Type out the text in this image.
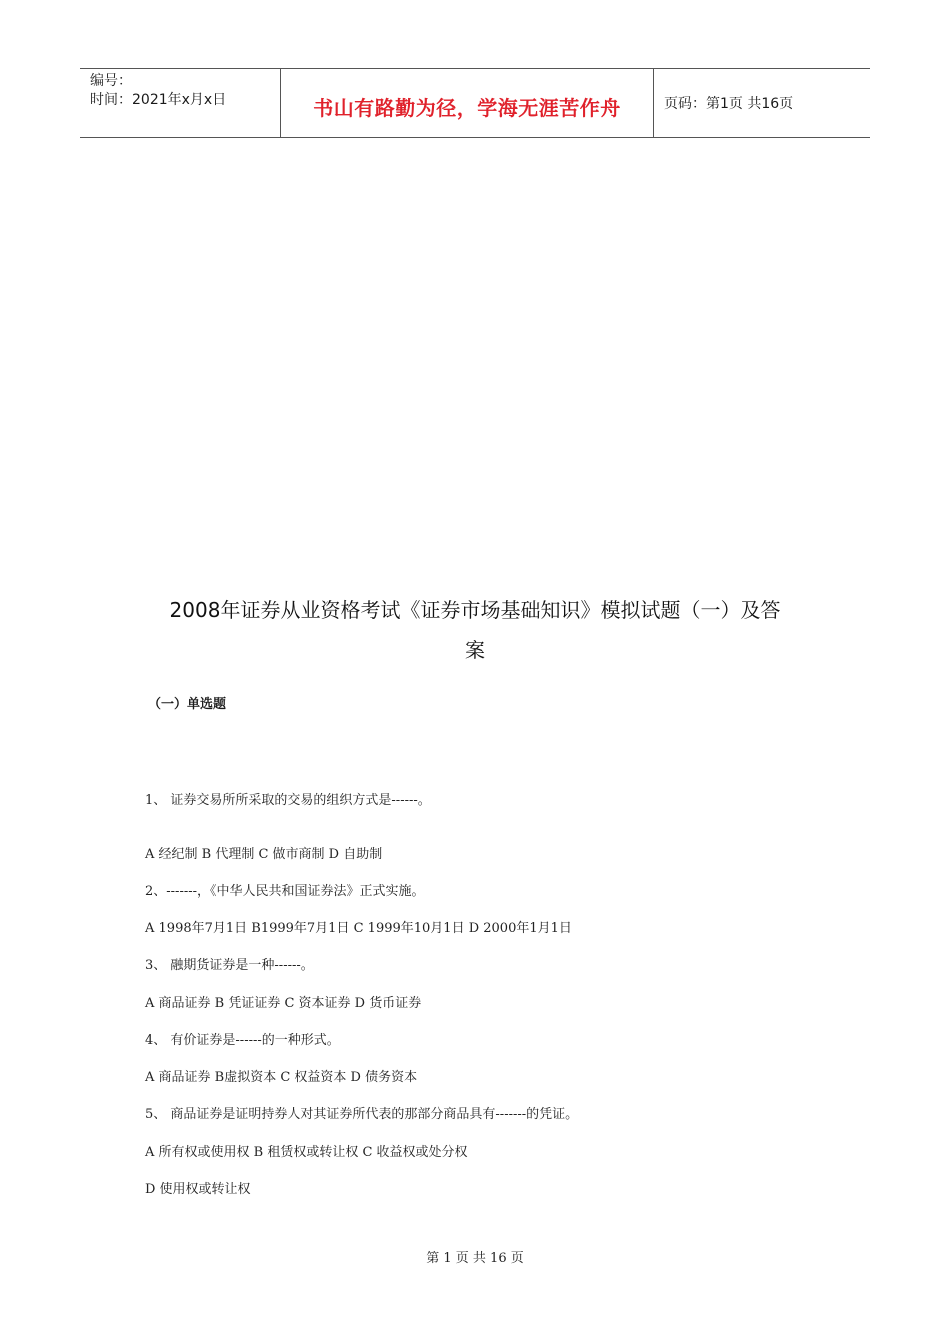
编号：
时间：2021年x月x日	书山有路勤为径，学海无涯苦作舟	页码：第1页 共16页
2008年证券从业资格考试《证券市场基础知识》模拟试题（一）及答
案
（一）单选题
1、 证券交易所所采取的交易的组织方式是------。
A 经纪制 B 代理制 C 做市商制 D 自助制
2、-------，《中华人民共和国证券法》正式实施。
A 1998年7月1日 B1999年7月1日 C 1999年10月1日 D 2000年1月1日
3、 融期货证券是一种------。
A 商品证券 B 凭证证券 C 资本证券 D 货币证券
4、 有价证券是------的一种形式。
A 商品证券 B虚拟资本 C 权益资本 D 债务资本
5、 商品证券是证明持券人对其证券所代表的那部分商品具有-------的凭证。
A 所有权或使用权 B 租赁权或转让权 C 收益权或处分权
D 使用权或转让权
第 1 页 共 16 页
